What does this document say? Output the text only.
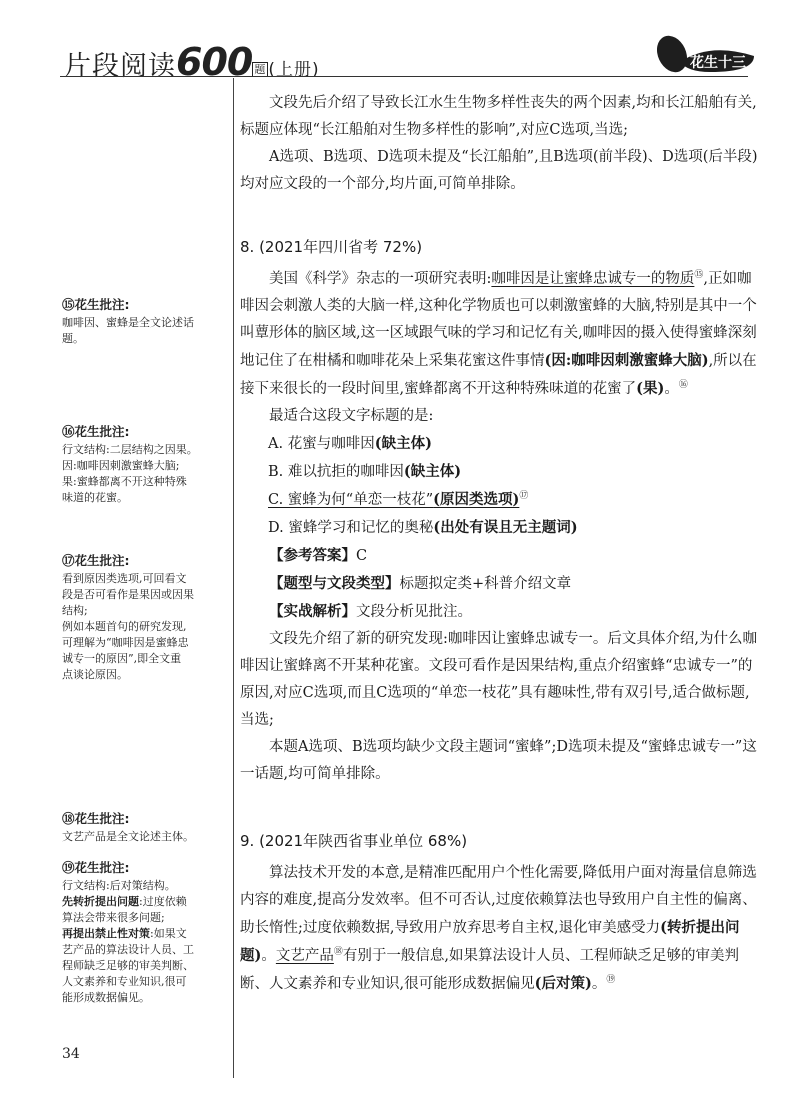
片段阅读600 题 (上册)	花生十三
⑮花生批注:
咖啡因、蜜蜂是全文论述话
题。
⑯花生批注:
行文结构:二层结构之因果。
因:咖啡因刺激蜜蜂大脑;
果:蜜蜂都离不开这种特殊
味道的花蜜。
⑰花生批注:
看到原因类选项,可回看文
段是否可看作是果因或因果
结构;
例如本题首句的研究发现,
可理解为“咖啡因是蜜蜂忠
诚专一的原因”,即全文重
点谈论原因。
⑱花生批注:
文艺产品是全文论述主体。
⑲花生批注:
行文结构:后对策结构。
先转折提出问题:过度依赖
算法会带来很多问题;
再提出禁止性对策:如果文
艺产品的算法设计人员、工
程师缺乏足够的审美判断、
人文素养和专业知识,很可
能形成数据偏见。

文段先后介绍了导致长江水生生物多样性丧失的两个因素,均和长江船舶有关,标题应体现“长江船舶对生物多样性的影响”,对应C选项,当选;

A选项、B选项、D选项未提及“长江船舶”,且B选项(前半段)、D选项(后半段)均对应文段的一个部分,均片面,可简单排除。

8. (2021年四川省考 72%)

美国《科学》杂志的一项研究表明:咖啡因是让蜜蜂忠诚专一的物质⑮,正如咖啡因会刺激人类的大脑一样,这种化学物质也可以刺激蜜蜂的大脑,特别是其中一个叫蕈形体的脑区域,这一区域跟气味的学习和记忆有关,咖啡因的摄入使得蜜蜂深刻地记住了在柑橘和咖啡花朵上采集花蜜这件事情(因:咖啡因刺激蜜蜂大脑),所以在接下来很长的一段时间里,蜜蜂都离不开这种特殊味道的花蜜了(果)。⑯

最适合这段文字标题的是:

A. 花蜜与咖啡因(缺主体)

B. 难以抗拒的咖啡因(缺主体)

C. 蜜蜂为何“单恋一枝花”(原因类选项)⑰

D. 蜜蜂学习和记忆的奥秘(出处有误且无主题词)

【参考答案】C

【题型与文段类型】标题拟定类+科普介绍文章

【实战解析】文段分析见批注。

文段先介绍了新的研究发现:咖啡因让蜜蜂忠诚专一。后文具体介绍,为什么咖啡因让蜜蜂离不开某种花蜜。文段可看作是因果结构,重点介绍蜜蜂“忠诚专一”的原因,对应C选项,而且C选项的“单恋一枝花”具有趣味性,带有双引号,适合做标题,当选;

本题A选项、B选项均缺少文段主题词“蜜蜂”;D选项未提及“蜜蜂忠诚专一”这一话题,均可简单排除。

9. (2021年陕西省事业单位 68%)

算法技术开发的本意,是精准匹配用户个性化需要,降低用户面对海量信息筛选内容的难度,提高分发效率。但不可否认,过度依赖算法也导致用户自主性的偏离、助长惰性;过度依赖数据,导致用户放弃思考自主权,退化审美感受力(转折提出问题)。文艺产品⑱有别于一般信息,如果算法设计人员、工程师缺乏足够的审美判断、人文素养和专业知识,很可能形成数据偏见(后对策)。⑲

34
